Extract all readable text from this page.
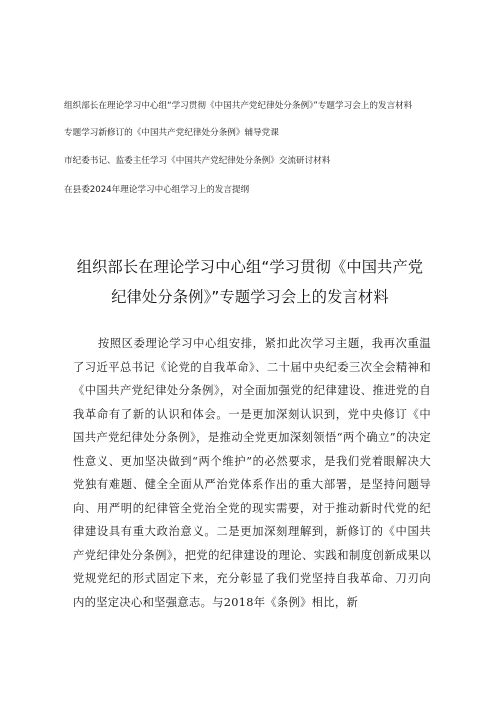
组织部长在理论学习中心组“学习贯彻《中国共产党纪律处分条例》”专题学习会上的发言材料
专题学习新修订的《中国共产党纪律处分条例》辅导党课
市纪委书记、监委主任学习《中国共产党纪律处分条例》交流研讨材料
在县委2024年理论学习中心组学习上的发言提纲
组织部长在理论学习中心组“学习贯彻《中国共产党纪律处分条例》”专题学习会上的发言材料

按照区委理论学习中心组安排，紧扣此次学习主题，我再次重温了习近平总书记《论党的自我革命》、二十届中央纪委三次全会精神和《中国共产党纪律处分条例》，对全面加强党的纪律建设、推进党的自我革命有了新的认识和体会。一是更加深刻认识到，党中央修订《中国共产党纪律处分条例》，是推动全党更加深刻领悟“两个确立”的决定性意义、更加坚决做到“两个维护”的必然要求，是我们党着眼解决大党独有难题、健全全面从严治党体系作出的重大部署，是坚持问题导向、用严明的纪律管全党治全党的现实需要，对于推动新时代党的纪律建设具有重大政治意义。二是更加深刻理解到，新修订的《中国共产党纪律处分条例》，把党的纪律建设的理论、实践和制度创新成果以党规党纪的形式固定下来，充分彰显了我们党坚持自我革命、刀刃向内的坚定决心和坚强意志。与2018年《条例》相比，新
